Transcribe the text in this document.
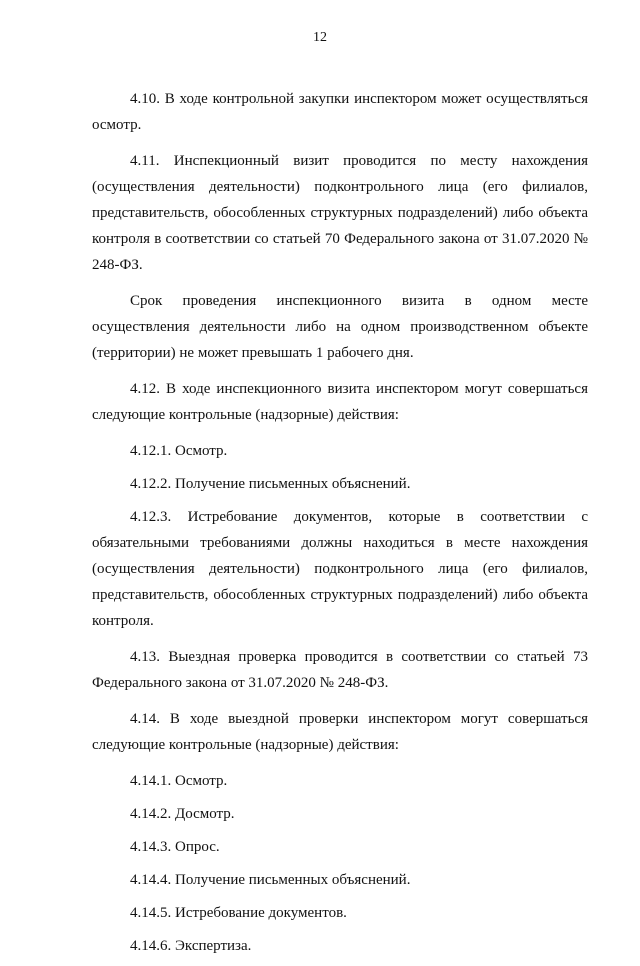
12

4.10. В ходе контрольной закупки инспектором может осуществляться осмотр.

4.11. Инспекционный визит проводится по месту нахождения (осуществления деятельности) подконтрольного лица (его филиалов, представительств, обособленных структурных подразделений) либо объекта контроля в соответствии со статьей 70 Федерального закона от 31.07.2020 № 248-ФЗ.

Срок проведения инспекционного визита в одном месте осуществления деятельности либо на одном производственном объекте (территории) не может превышать 1 рабочего дня.

4.12. В ходе инспекционного визита инспектором могут совершаться следующие контрольные (надзорные) действия:

4.12.1. Осмотр.

4.12.2. Получение письменных объяснений.

4.12.3. Истребование документов, которые в соответствии с обязательными требованиями должны находиться в месте нахождения (осуществления деятельности) подконтрольного лица (его филиалов, представительств, обособленных структурных подразделений) либо объекта контроля.

4.13. Выездная проверка проводится в соответствии со статьей 73 Федерального закона от 31.07.2020 № 248-ФЗ.

4.14. В ходе выездной проверки инспектором могут совершаться следующие контрольные (надзорные) действия:

4.14.1. Осмотр.

4.14.2. Досмотр.

4.14.3. Опрос.

4.14.4. Получение письменных объяснений.

4.14.5. Истребование документов.

4.14.6. Экспертиза.
